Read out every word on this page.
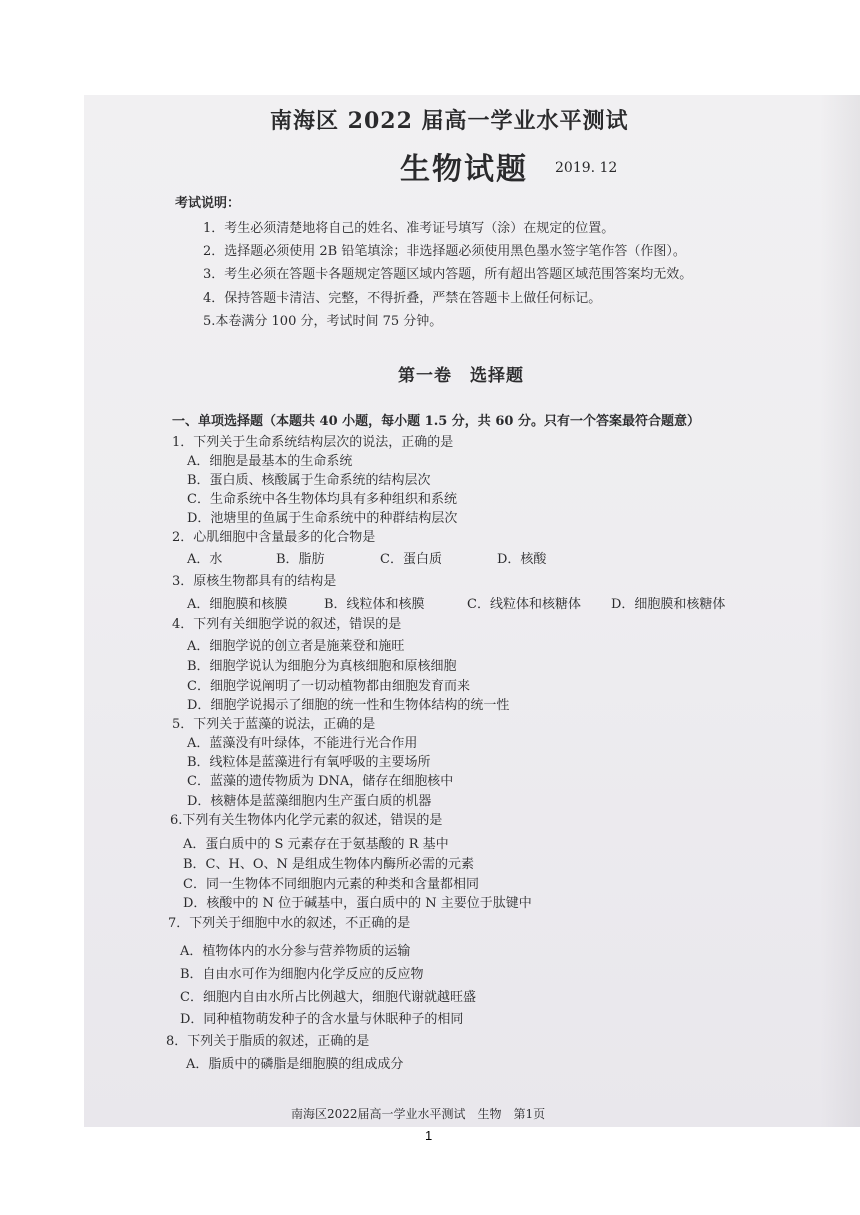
南海区 2022 届高一学业水平测试
生物试题 2019. 12
考试说明：
1．考生必须清楚地将自己的姓名、准考证号填写（涂）在规定的位置。
2．选择题必须使用 2B 铅笔填涂；非选择题必须使用黑色墨水签字笔作答（作图）。
3．考生必须在答题卡各题规定答题区域内答题，所有超出答题区域范围答案均无效。
4．保持答题卡清洁、完整，不得折叠，严禁在答题卡上做任何标记。
5.本卷满分 100 分，考试时间 75 分钟。
第一卷　选择题
一、单项选择题（本题共 40 小题，每小题 1.5 分，共 60 分。只有一个答案最符合题意）
1．下列关于生命系统结构层次的说法，正确的是
A．细胞是最基本的生命系统
B．蛋白质、核酸属于生命系统的结构层次
C．生命系统中各生物体均具有多种组织和系统
D．池塘里的鱼属于生命系统中的种群结构层次
2．心肌细胞中含量最多的化合物是
A．水	B．脂肪	C．蛋白质	D．核酸
3．原核生物都具有的结构是
A．细胞膜和核膜	B．线粒体和核膜	C．线粒体和核糖体 D．细胞膜和核糖体
4．下列有关细胞学说的叙述，错误的是
A．细胞学说的创立者是施莱登和施旺
B．细胞学说认为细胞分为真核细胞和原核细胞
C．细胞学说阐明了一切动植物都由细胞发育而来
D．细胞学说揭示了细胞的统一性和生物体结构的统一性
5．下列关于蓝藻的说法，正确的是
A．蓝藻没有叶绿体，不能进行光合作用
B．线粒体是蓝藻进行有氧呼吸的主要场所
C．蓝藻的遗传物质为 DNA，储存在细胞核中
D．核糖体是蓝藻细胞内生产蛋白质的机器
6.下列有关生物体内化学元素的叙述，错误的是
A．蛋白质中的 S 元素存在于氨基酸的 R 基中
B．C、H、O、N 是组成生物体内酶所必需的元素
C．同一生物体不同细胞内元素的种类和含量都相同
D．核酸中的 N 位于碱基中，蛋白质中的 N 主要位于肽键中
7．下列关于细胞中水的叙述，不正确的是
A．植物体内的水分参与营养物质的运输
B．自由水可作为细胞内化学反应的反应物
C．细胞内自由水所占比例越大，细胞代谢就越旺盛
D．同种植物萌发种子的含水量与休眠种子的相同
8．下列关于脂质的叙述，正确的是
A．脂质中的磷脂是细胞膜的组成成分
南海区2022届高一学业水平测试　生物　第1页
1
